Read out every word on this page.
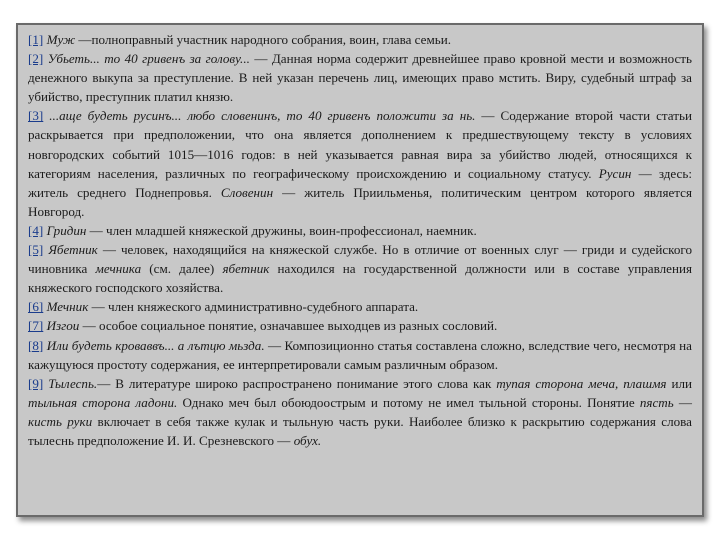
[1] Муж —полноправный участник народного собрания, воин, глава семьи.

[2] Убьеть... то 40 гривенъ за голову... — Данная норма содержит древнейшее право кровной мести и возможность денежного выкупа за преступление. В ней указан перечень лиц, имеющих право мстить. Виру, судебный штраф за убийство, преступник платил князю.

[3] ...аще будеть русинъ... любо словенинъ, то 40 гривенъ положити за нь. — Содержание второй части статьи раскрывается при предположении, что она является дополнением к предшествующему тексту в условиях новгородских событий 1015—1016 годов: в ней указывается равная вира за убийство людей, относящихся к категориям населения, различных по географическому происхождению и социальному статусу. Русин — здесь: житель среднего Поднепровья. Словенин — житель Приильменья, политическим центром которого является Новгород.

[4] Гридин — член младшей княжеской дружины, воин-профессионал, наемник.

[5] Ябетник — человек, находящийся на княжеской службе. Но в отличие от военных слуг — гриди и судейского чиновника мечника (см. далее) ябетник находился на государственной должности или в составе управления княжеского господского хозяйства.

[6] Мечник — член княжеского административно-судебного аппарата.

[7] Изгои — особое социальное понятие, означавшее выходцев из разных сословий.

[8] Или будеть кроваввъ... а лътцю мьзда. — Композиционно статья составлена сложно, вследствие чего, несмотря на кажущуюся простоту содержания, ее интерпретировали самым различным образом.

[9] Тылесnь.— В литературе широко распространено понимание этого слова как тупая сторона меча, плашмя или тыльная сторона ладони. Однако меч был обоюдоострым и потому не имел тыльной стороны. Понятие пясть — кисть руки включает в себя также кулак и тыльную часть руки. Наиболее близко к раскрытию содержания слова тылеснь предположение И. И. Срезневского — обух.
